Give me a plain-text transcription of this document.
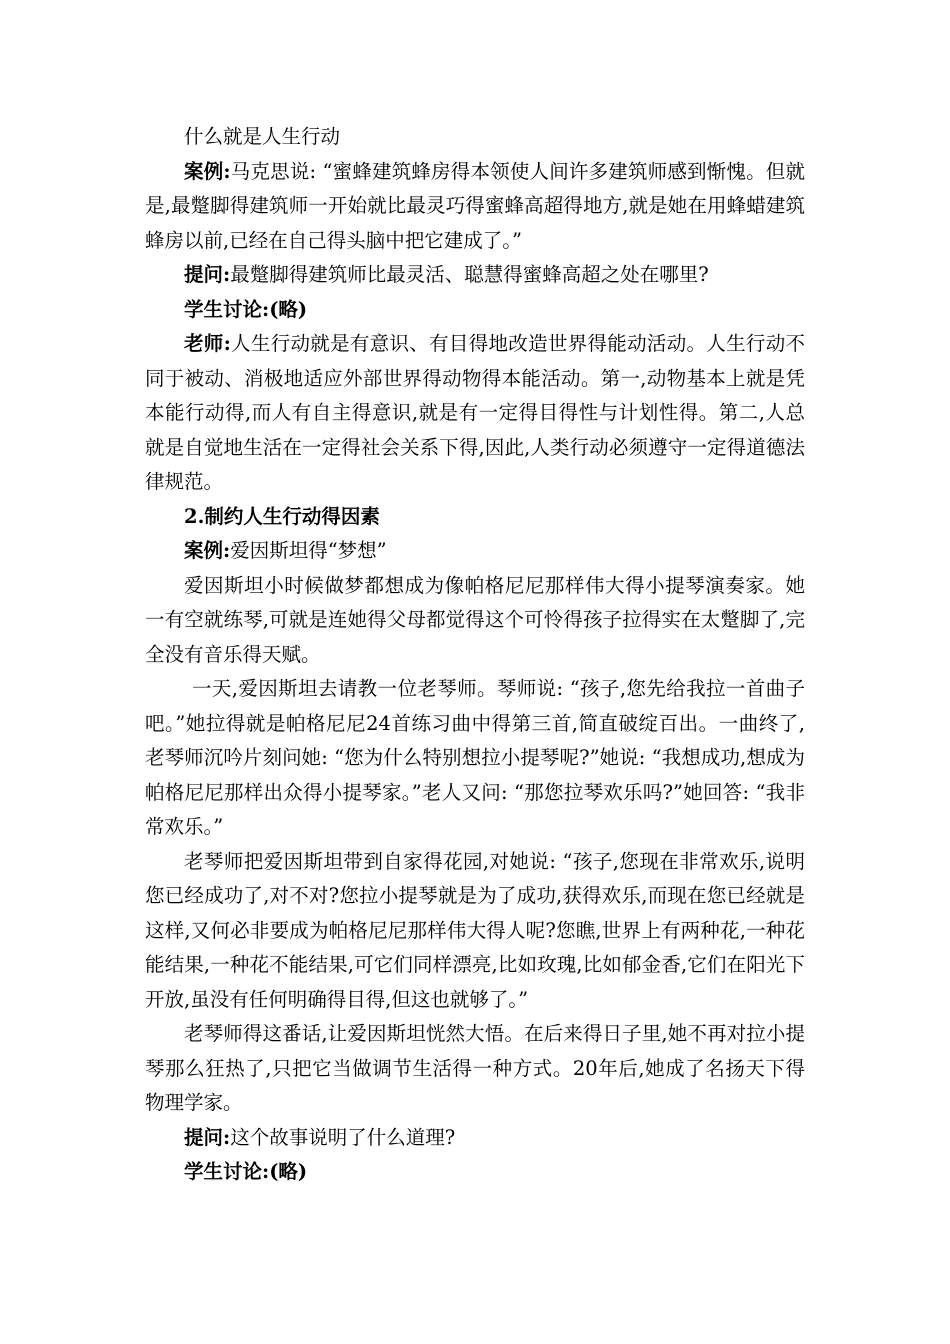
什么就是人生行动

案例:马克思说: “蜜蜂建筑蜂房得本领使人间许多建筑师感到惭愧。但就是,最蹩脚得建筑师一开始就比最灵巧得蜜蜂高超得地方,就是她在用蜂蜡建筑蜂房以前,已经在自己得头脑中把它建成了。”

提问:最蹩脚得建筑师比最灵活、聪慧得蜜蜂高超之处在哪里?

学生讨论:(略)

老师:人生行动就是有意识、有目得地改造世界得能动活动。人生行动不同于被动、消极地适应外部世界得动物得本能活动。第一,动物基本上就是凭本能行动得,而人有自主得意识,就是有一定得目得性与计划性得。第二,人总就是自觉地生活在一定得社会关系下得,因此,人类行动必须遵守一定得道德法律规范。

2.制约人生行动得因素

案例:爱因斯坦得“梦想”

爱因斯坦小时候做梦都想成为像帕格尼尼那样伟大得小提琴演奏家。她一有空就练琴,可就是连她得父母都觉得这个可怜得孩子拉得实在太蹩脚了,完全没有音乐得天赋。

一天,爱因斯坦去请教一位老琴师。琴师说: “孩子,您先给我拉一首曲子吧。”她拉得就是帕格尼尼24首练习曲中得第三首,简直破绽百出。一曲终了,老琴师沉吟片刻问她: “您为什么特别想拉小提琴呢?”她说: “我想成功,想成为帕格尼尼那样出众得小提琴家。”老人又问: “那您拉琴欢乐吗?”她回答: “我非常欢乐。”

老琴师把爱因斯坦带到自家得花园,对她说: “孩子,您现在非常欢乐,说明您已经成功了,对不对?您拉小提琴就是为了成功,获得欢乐,而现在您已经就是这样,又何必非要成为帕格尼尼那样伟大得人呢?您瞧,世界上有两种花,一种花能结果,一种花不能结果,可它们同样漂亮,比如玫瑰,比如郁金香,它们在阳光下开放,虽没有任何明确得目得,但这也就够了。”

老琴师得这番话,让爱因斯坦恍然大悟。在后来得日子里,她不再对拉小提琴那么狂热了,只把它当做调节生活得一种方式。20年后,她成了名扬天下得物理学家。

提问:这个故事说明了什么道理?

学生讨论:(略)
